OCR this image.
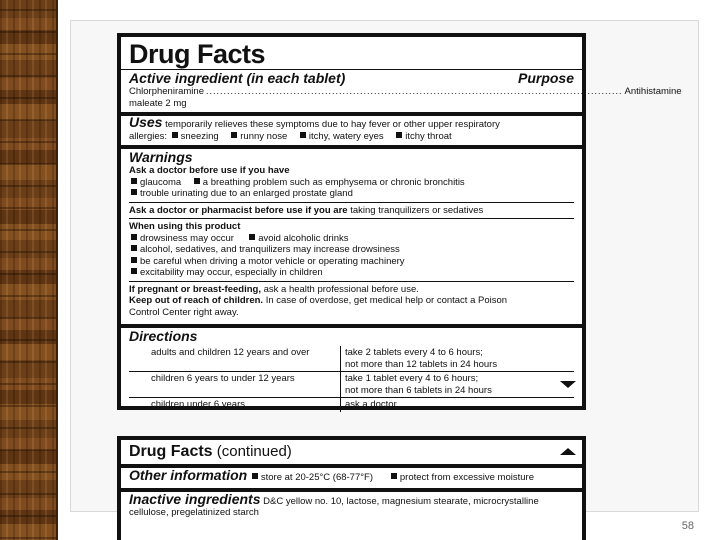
Drug Facts
Active ingredient (in each tablet)	Purpose
Chlorpheniramine maleate 2 mg
....................................................................................................................... Antihistamine
Uses temporarily relieves these symptoms due to hay fever or other upper respiratory
allergies: sneezing runny nose itchy, watery eyes itchy throat
Warnings
Ask a doctor before use if you have
glaucoma a breathing problem such as emphysema or chronic bronchitis
trouble urinating due to an enlarged prostate gland
Ask a doctor or pharmacist before use if you are taking tranquilizers or sedatives
When using this product
drowsiness may occur	avoid alcoholic drinks
alcohol, sedatives, and tranquilizers may increase drowsiness
be careful when driving a motor vehicle or operating machinery
excitability may occur, especially in children
If pregnant or breast-feeding, ask a health professional before use.
Keep out of reach of children. In case of overdose, get medical help or contact a Poison
Control Center right away.
Directions
adults and children 12 years and over	take 2 tablets every 4 to 6 hours;
not more than 12 tablets in 24 hours

children 6 years to under 12 years	take 1 tablet every 4 to 6 hours;
not more than 6 tablets in 24 hours

children under 6 years	ask a doctor
Drug Facts (continued)
Other information store at 20-25°C (68-77°F)	protect from excessive moisture
Inactive ingredients D&C yellow no. 10, lactose, magnesium stearate, microcrystalline
cellulose, pregelatinized starch
58
